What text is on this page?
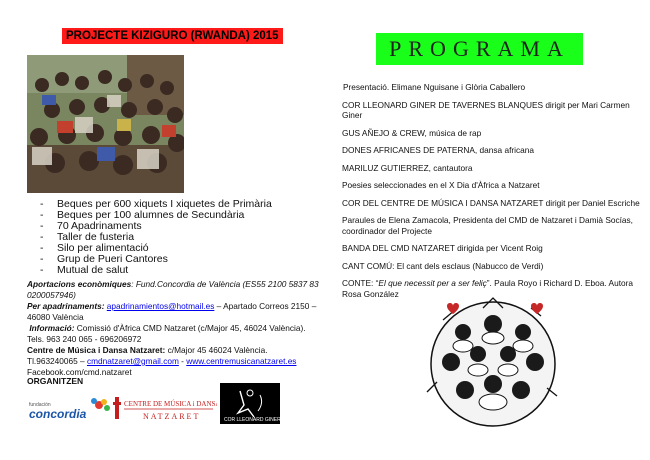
PROJECTE KIZIGURO (RWANDA) 2015
- Beques per 600 xiquets I xiquetes de Primària
- Beques per 100 alumnes de Secundària
- 70 Apadrinaments
- Taller de fusteria
- Silo per alimentació
- Grup de Pueri Cantores
- Mutual de salut

Aportacions econòmiques: Fund.Concordia de València (ES55 2100 5837 83 0200057946)

Per apadrinaments: apadrinamientos@hotmail.es – Apartado Correos 2150 – 46080 València

Informació: Comissió d'Àfrica CMD Natzaret (c/Major 45, 46024 València).

Tels. 963 240 065 - 696206972

Centre de Música i Dansa Natzaret: c/Major 45 46024 València.

Tl.963240065 – cmdnatzaret@gmail.com - www.centremusicanatzaret.es

Facebook.com/cmd.natzaret

ORGANITZEN
fundación
concordia
CENTRE DE MÚSICA i DANSA
NATZARET	COR LLEONARD GINER
PROGRAMA

Presentació. Elimane Nguisane i Glòria Caballero

COR LLEONARD GINER DE TAVERNES BLANQUES dirigit per Mari Carmen Giner

GUS AÑEJO & CREW, música de rap

DONES AFRICANES DE PATERNA, dansa africana

MARILUZ GUTIERREZ, cantautora

Poesies seleccionades en el X Dia d'Àfrica a Natzaret

COR DEL CENTRE DE MÚSICA I DANSA NATZARET dirigit per Daniel Escriche

Paraules de Elena Zamacola, Presidenta del CMD de Natzaret i Damià Socías, coordinador del Projecte

BANDA DEL CMD NATZARET dirigida per Vicent Roig

CANT COMÚ: El cant dels esclaus (Nabucco de Verdi)

CONTE: “El que necessit per a ser feliç”. Paula Royo i Richard D. Eboa. Autora Rosa González
